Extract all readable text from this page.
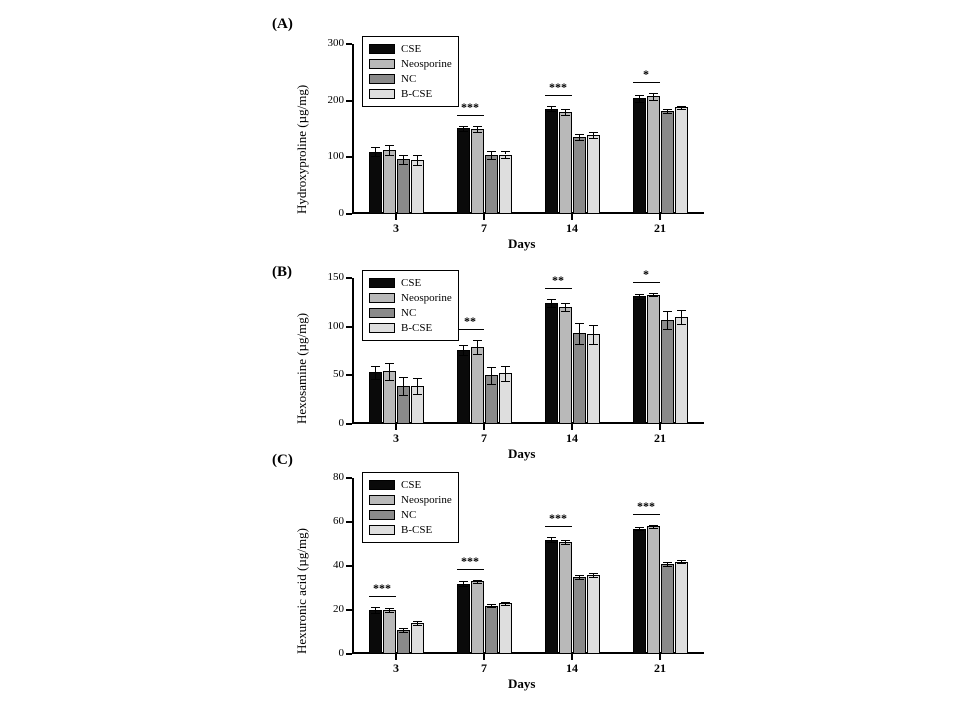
(A)
0
100
200
300
Hydroxyproline (µg/mg)
Days
3	7
***
14
***
21
*
CSE
Neosporine
NC
B-CSE
(B)
0
50
100
150
Hexosamine (µg/mg)
Days
3	7
**
14
**
21
*
CSE
Neosporine
NC
B-CSE
(C)
0
20
40
60
80
Hexuronic acid (µg/mg)
Days
3
***
7
***
14
***
21
***
CSE
Neosporine
NC
B-CSE
